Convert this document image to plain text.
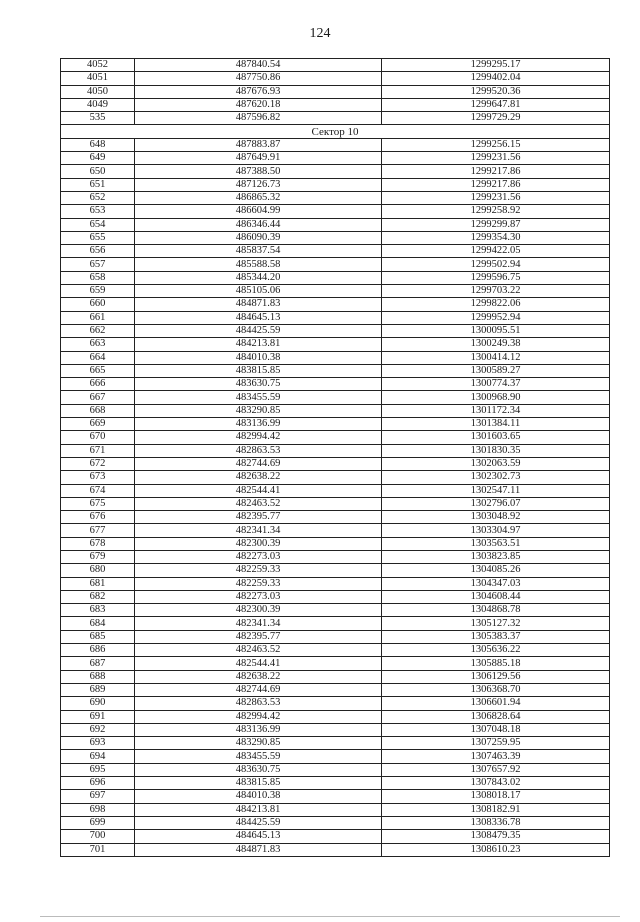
124
4052	487840.54	1299295.17
4051	487750.86	1299402.04
4050	487676.93	1299520.36
4049	487620.18	1299647.81
535	487596.82	1299729.29
Сектор 10		
648	487883.87	1299256.15
649	487649.91	1299231.56
650	487388.50	1299217.86
651	487126.73	1299217.86
652	486865.32	1299231.56
653	486604.99	1299258.92
654	486346.44	1299299.87
655	486090.39	1299354.30
656	485837.54	1299422.05
657	485588.58	1299502.94
658	485344.20	1299596.75
659	485105.06	1299703.22
660	484871.83	1299822.06
661	484645.13	1299952.94
662	484425.59	1300095.51
663	484213.81	1300249.38
664	484010.38	1300414.12
665	483815.85	1300589.27
666	483630.75	1300774.37
667	483455.59	1300968.90
668	483290.85	1301172.34
669	483136.99	1301384.11
670	482994.42	1301603.65
671	482863.53	1301830.35
672	482744.69	1302063.59
673	482638.22	1302302.73
674	482544.41	1302547.11
675	482463.52	1302796.07
676	482395.77	1303048.92
677	482341.34	1303304.97
678	482300.39	1303563.51
679	482273.03	1303823.85
680	482259.33	1304085.26
681	482259.33	1304347.03
682	482273.03	1304608.44
683	482300.39	1304868.78
684	482341.34	1305127.32
685	482395.77	1305383.37
686	482463.52	1305636.22
687	482544.41	1305885.18
688	482638.22	1306129.56
689	482744.69	1306368.70
690	482863.53	1306601.94
691	482994.42	1306828.64
692	483136.99	1307048.18
693	483290.85	1307259.95
694	483455.59	1307463.39
695	483630.75	1307657.92
696	483815.85	1307843.02
697	484010.38	1308018.17
698	484213.81	1308182.91
699	484425.59	1308336.78
700	484645.13	1308479.35
701	484871.83	1308610.23
